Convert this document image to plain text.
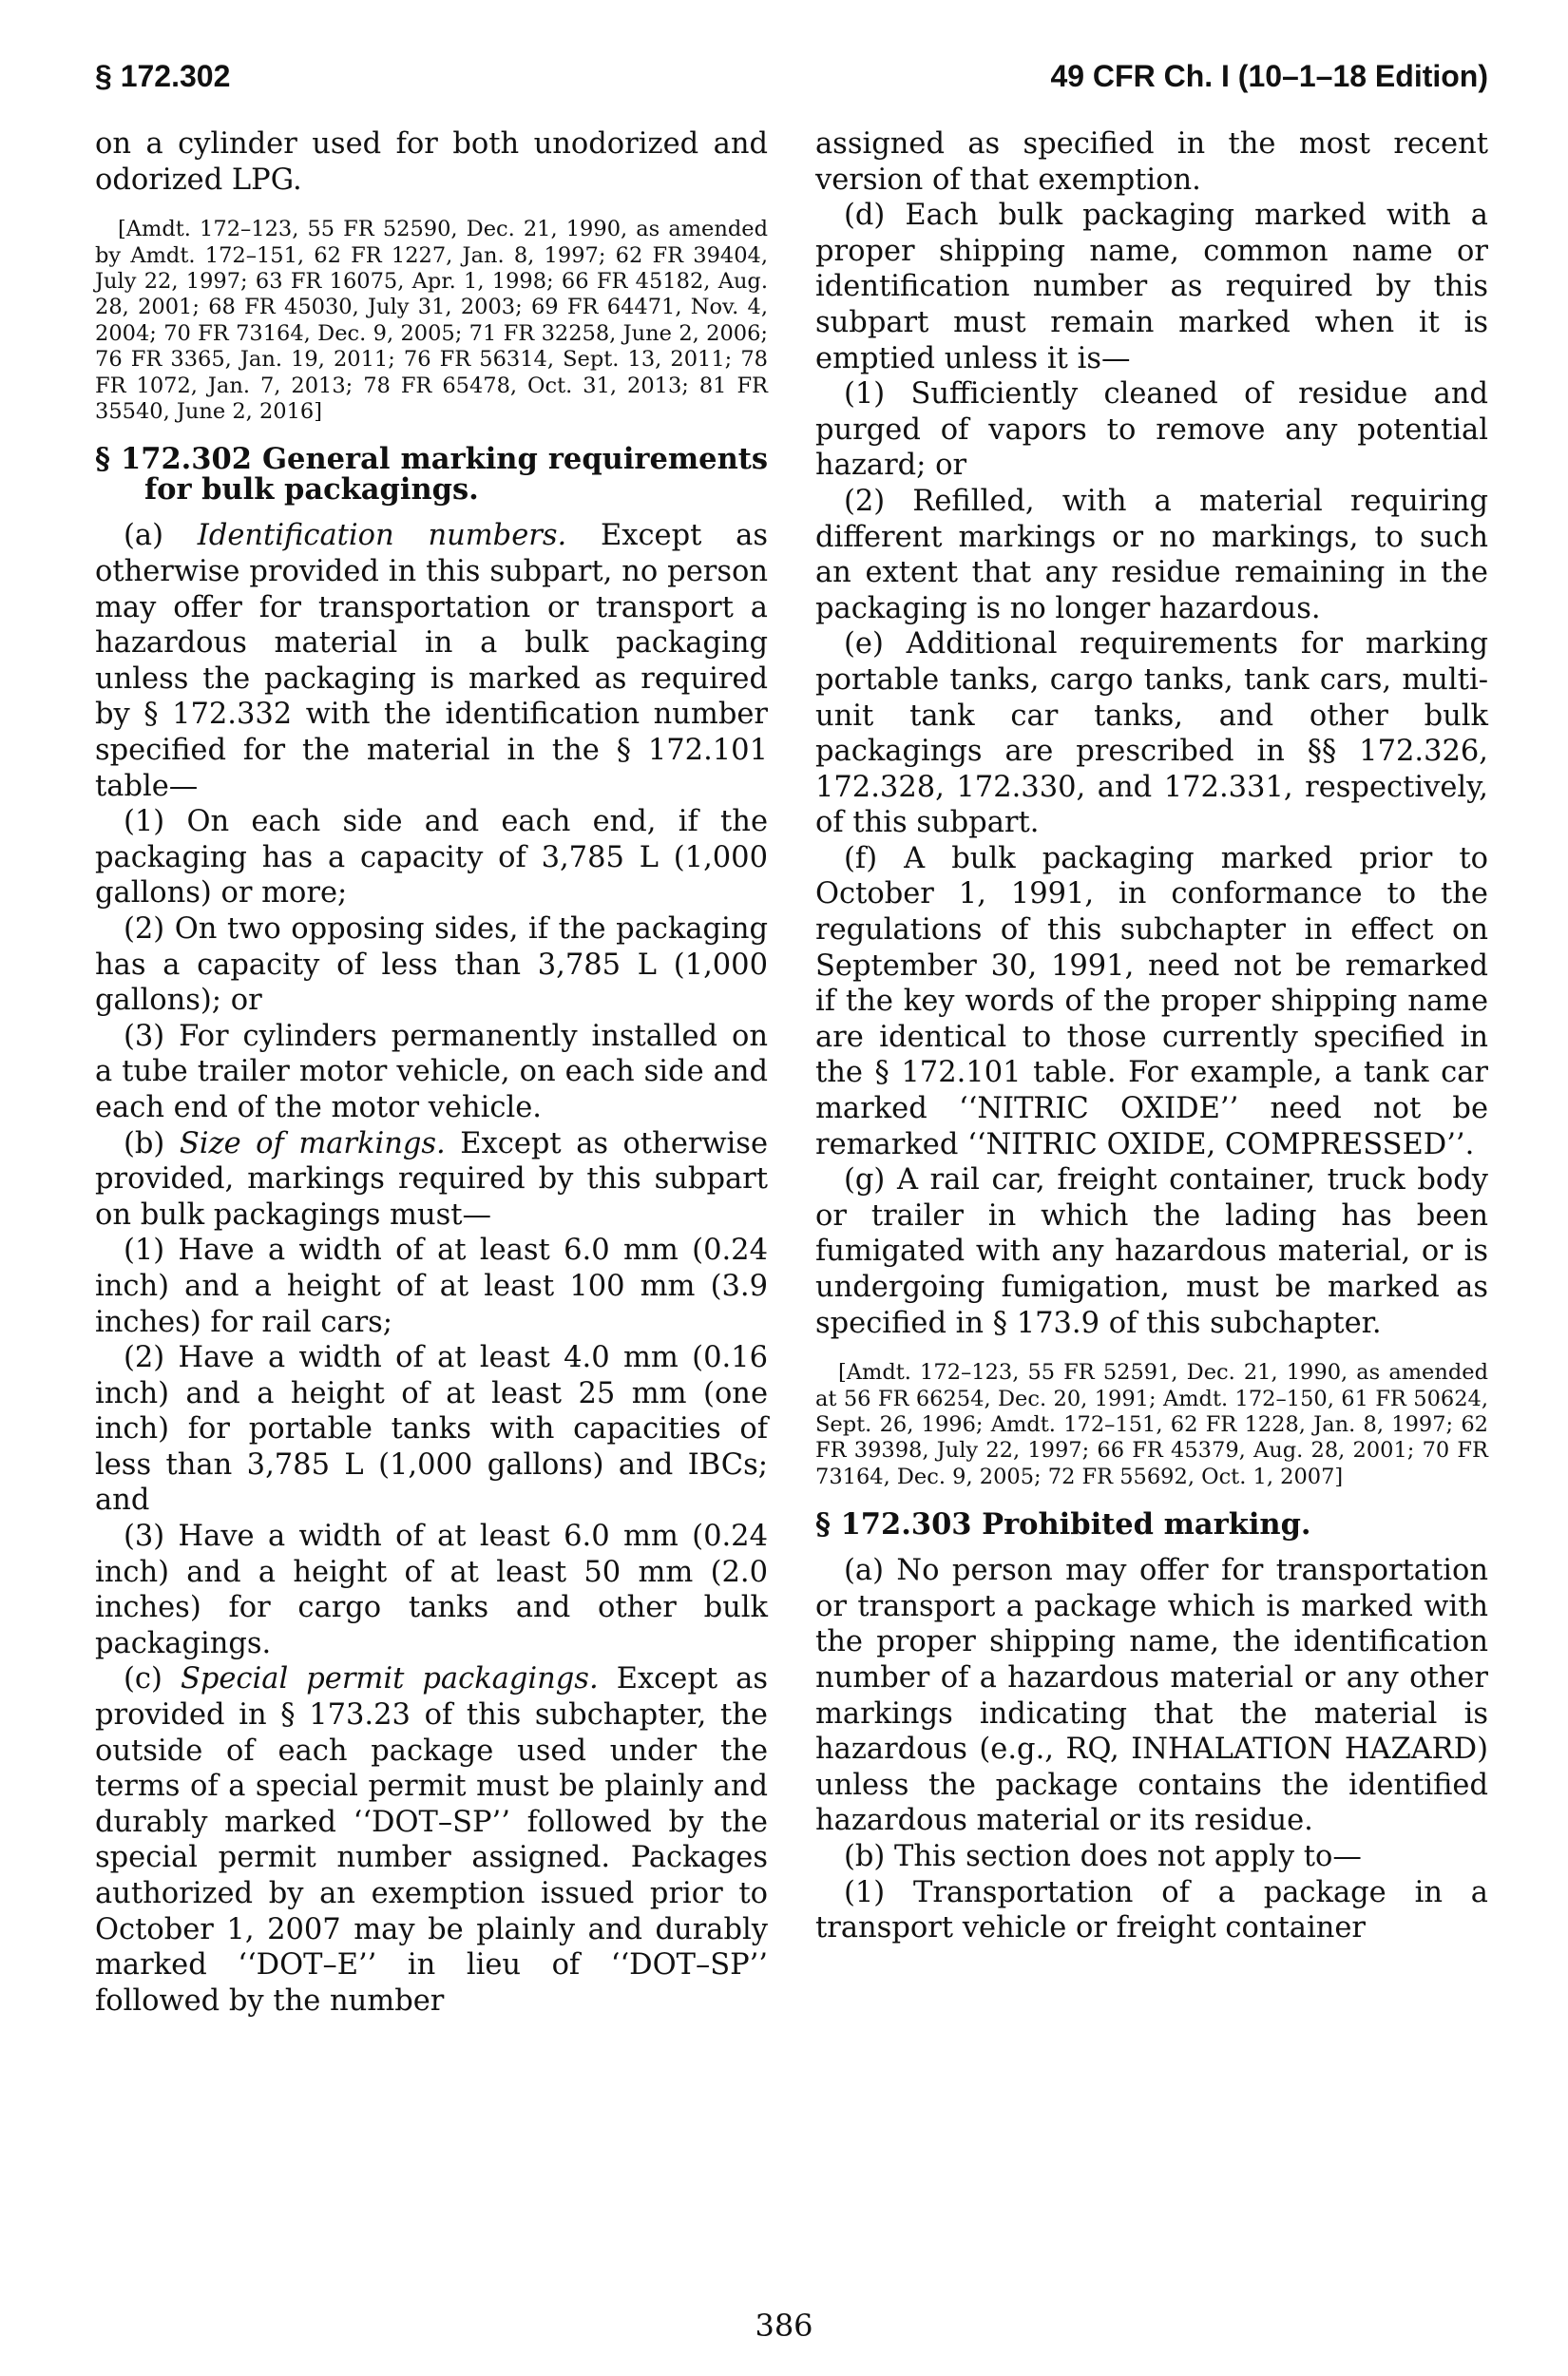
§ 172.302	49 CFR Ch. I (10–1–18 Edition)

on a cylinder used for both unodorized and odorized LPG.

[Amdt. 172–123, 55 FR 52590, Dec. 21, 1990, as amended by Amdt. 172–151, 62 FR 1227, Jan. 8, 1997; 62 FR 39404, July 22, 1997; 63 FR 16075, Apr. 1, 1998; 66 FR 45182, Aug. 28, 2001; 68 FR 45030, July 31, 2003; 69 FR 64471, Nov. 4, 2004; 70 FR 73164, Dec. 9, 2005; 71 FR 32258, June 2, 2006; 76 FR 3365, Jan. 19, 2011; 76 FR 56314, Sept. 13, 2011; 78 FR 1072, Jan. 7, 2013; 78 FR 65478, Oct. 31, 2013; 81 FR 35540, June 2, 2016]

§ 172.302 General marking requirements for bulk packagings.

(a) Identification numbers. Except as otherwise provided in this subpart, no person may offer for transportation or transport a hazardous material in a bulk packaging unless the packaging is marked as required by § 172.332 with the identification number specified for the material in the § 172.101 table—

(1) On each side and each end, if the packaging has a capacity of 3,785 L (1,000 gallons) or more;

(2) On two opposing sides, if the packaging has a capacity of less than 3,785 L (1,000 gallons); or

(3) For cylinders permanently installed on a tube trailer motor vehicle, on each side and each end of the motor vehicle.

(b) Size of markings. Except as otherwise provided, markings required by this subpart on bulk packagings must—

(1) Have a width of at least 6.0 mm (0.24 inch) and a height of at least 100 mm (3.9 inches) for rail cars;

(2) Have a width of at least 4.0 mm (0.16 inch) and a height of at least 25 mm (one inch) for portable tanks with capacities of less than 3,785 L (1,000 gallons) and IBCs; and

(3) Have a width of at least 6.0 mm (0.24 inch) and a height of at least 50 mm (2.0 inches) for cargo tanks and other bulk packagings.

(c) Special permit packagings. Except as provided in § 173.23 of this subchapter, the outside of each package used under the terms of a special permit must be plainly and durably marked ‘‘DOT–SP’’ followed by the special permit number assigned. Packages authorized by an exemption issued prior to October 1, 2007 may be plainly and durably marked ‘‘DOT–E’’ in lieu of ‘‘DOT–SP’’ followed by the number

assigned as specified in the most recent version of that exemption.

(d) Each bulk packaging marked with a proper shipping name, common name or identification number as required by this subpart must remain marked when it is emptied unless it is—

(1) Sufficiently cleaned of residue and purged of vapors to remove any potential hazard; or

(2) Refilled, with a material requiring different markings or no markings, to such an extent that any residue remaining in the packaging is no longer hazardous.

(e) Additional requirements for marking portable tanks, cargo tanks, tank cars, multi-unit tank car tanks, and other bulk packagings are prescribed in §§ 172.326, 172.328, 172.330, and 172.331, respectively, of this subpart.

(f) A bulk packaging marked prior to October 1, 1991, in conformance to the regulations of this subchapter in effect on September 30, 1991, need not be remarked if the key words of the proper shipping name are identical to those currently specified in the § 172.101 table. For example, a tank car marked ‘‘NITRIC OXIDE’’ need not be remarked ‘‘NITRIC OXIDE, COMPRESSED’’.

(g) A rail car, freight container, truck body or trailer in which the lading has been fumigated with any hazardous material, or is undergoing fumigation, must be marked as specified in § 173.9 of this subchapter.

[Amdt. 172–123, 55 FR 52591, Dec. 21, 1990, as amended at 56 FR 66254, Dec. 20, 1991; Amdt. 172–150, 61 FR 50624, Sept. 26, 1996; Amdt. 172–151, 62 FR 1228, Jan. 8, 1997; 62 FR 39398, July 22, 1997; 66 FR 45379, Aug. 28, 2001; 70 FR 73164, Dec. 9, 2005; 72 FR 55692, Oct. 1, 2007]

§ 172.303 Prohibited marking.

(a) No person may offer for transportation or transport a package which is marked with the proper shipping name, the identification number of a hazardous material or any other markings indicating that the material is hazardous (e.g., RQ, INHALATION HAZARD) unless the package contains the identified hazardous material or its residue.

(b) This section does not apply to—

(1) Transportation of a package in a transport vehicle or freight container

386
